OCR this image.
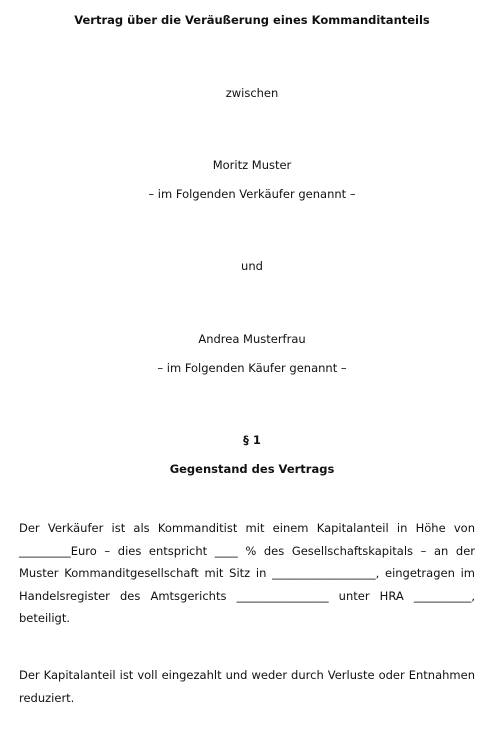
Vertrag über die Veräußerung eines Kommanditanteils
zwischen
Moritz Muster
– im Folgenden Verkäufer genannt –
und
Andrea Musterfrau
– im Folgenden Käufer genannt –
§ 1
Gegenstand des Vertrags

Der Verkäufer ist als Kommanditist mit einem Kapitalanteil in Höhe von _________Euro – dies entspricht ____ % des Gesellschaftskapitals – an der Muster Kommanditgesellschaft mit Sitz in __________________, eingetragen im Handelsregister des Amtsgerichts ________________ unter HRA __________, beteiligt.

Der Kapitalanteil ist voll eingezahlt und weder durch Verluste oder Entnahmen reduziert.
